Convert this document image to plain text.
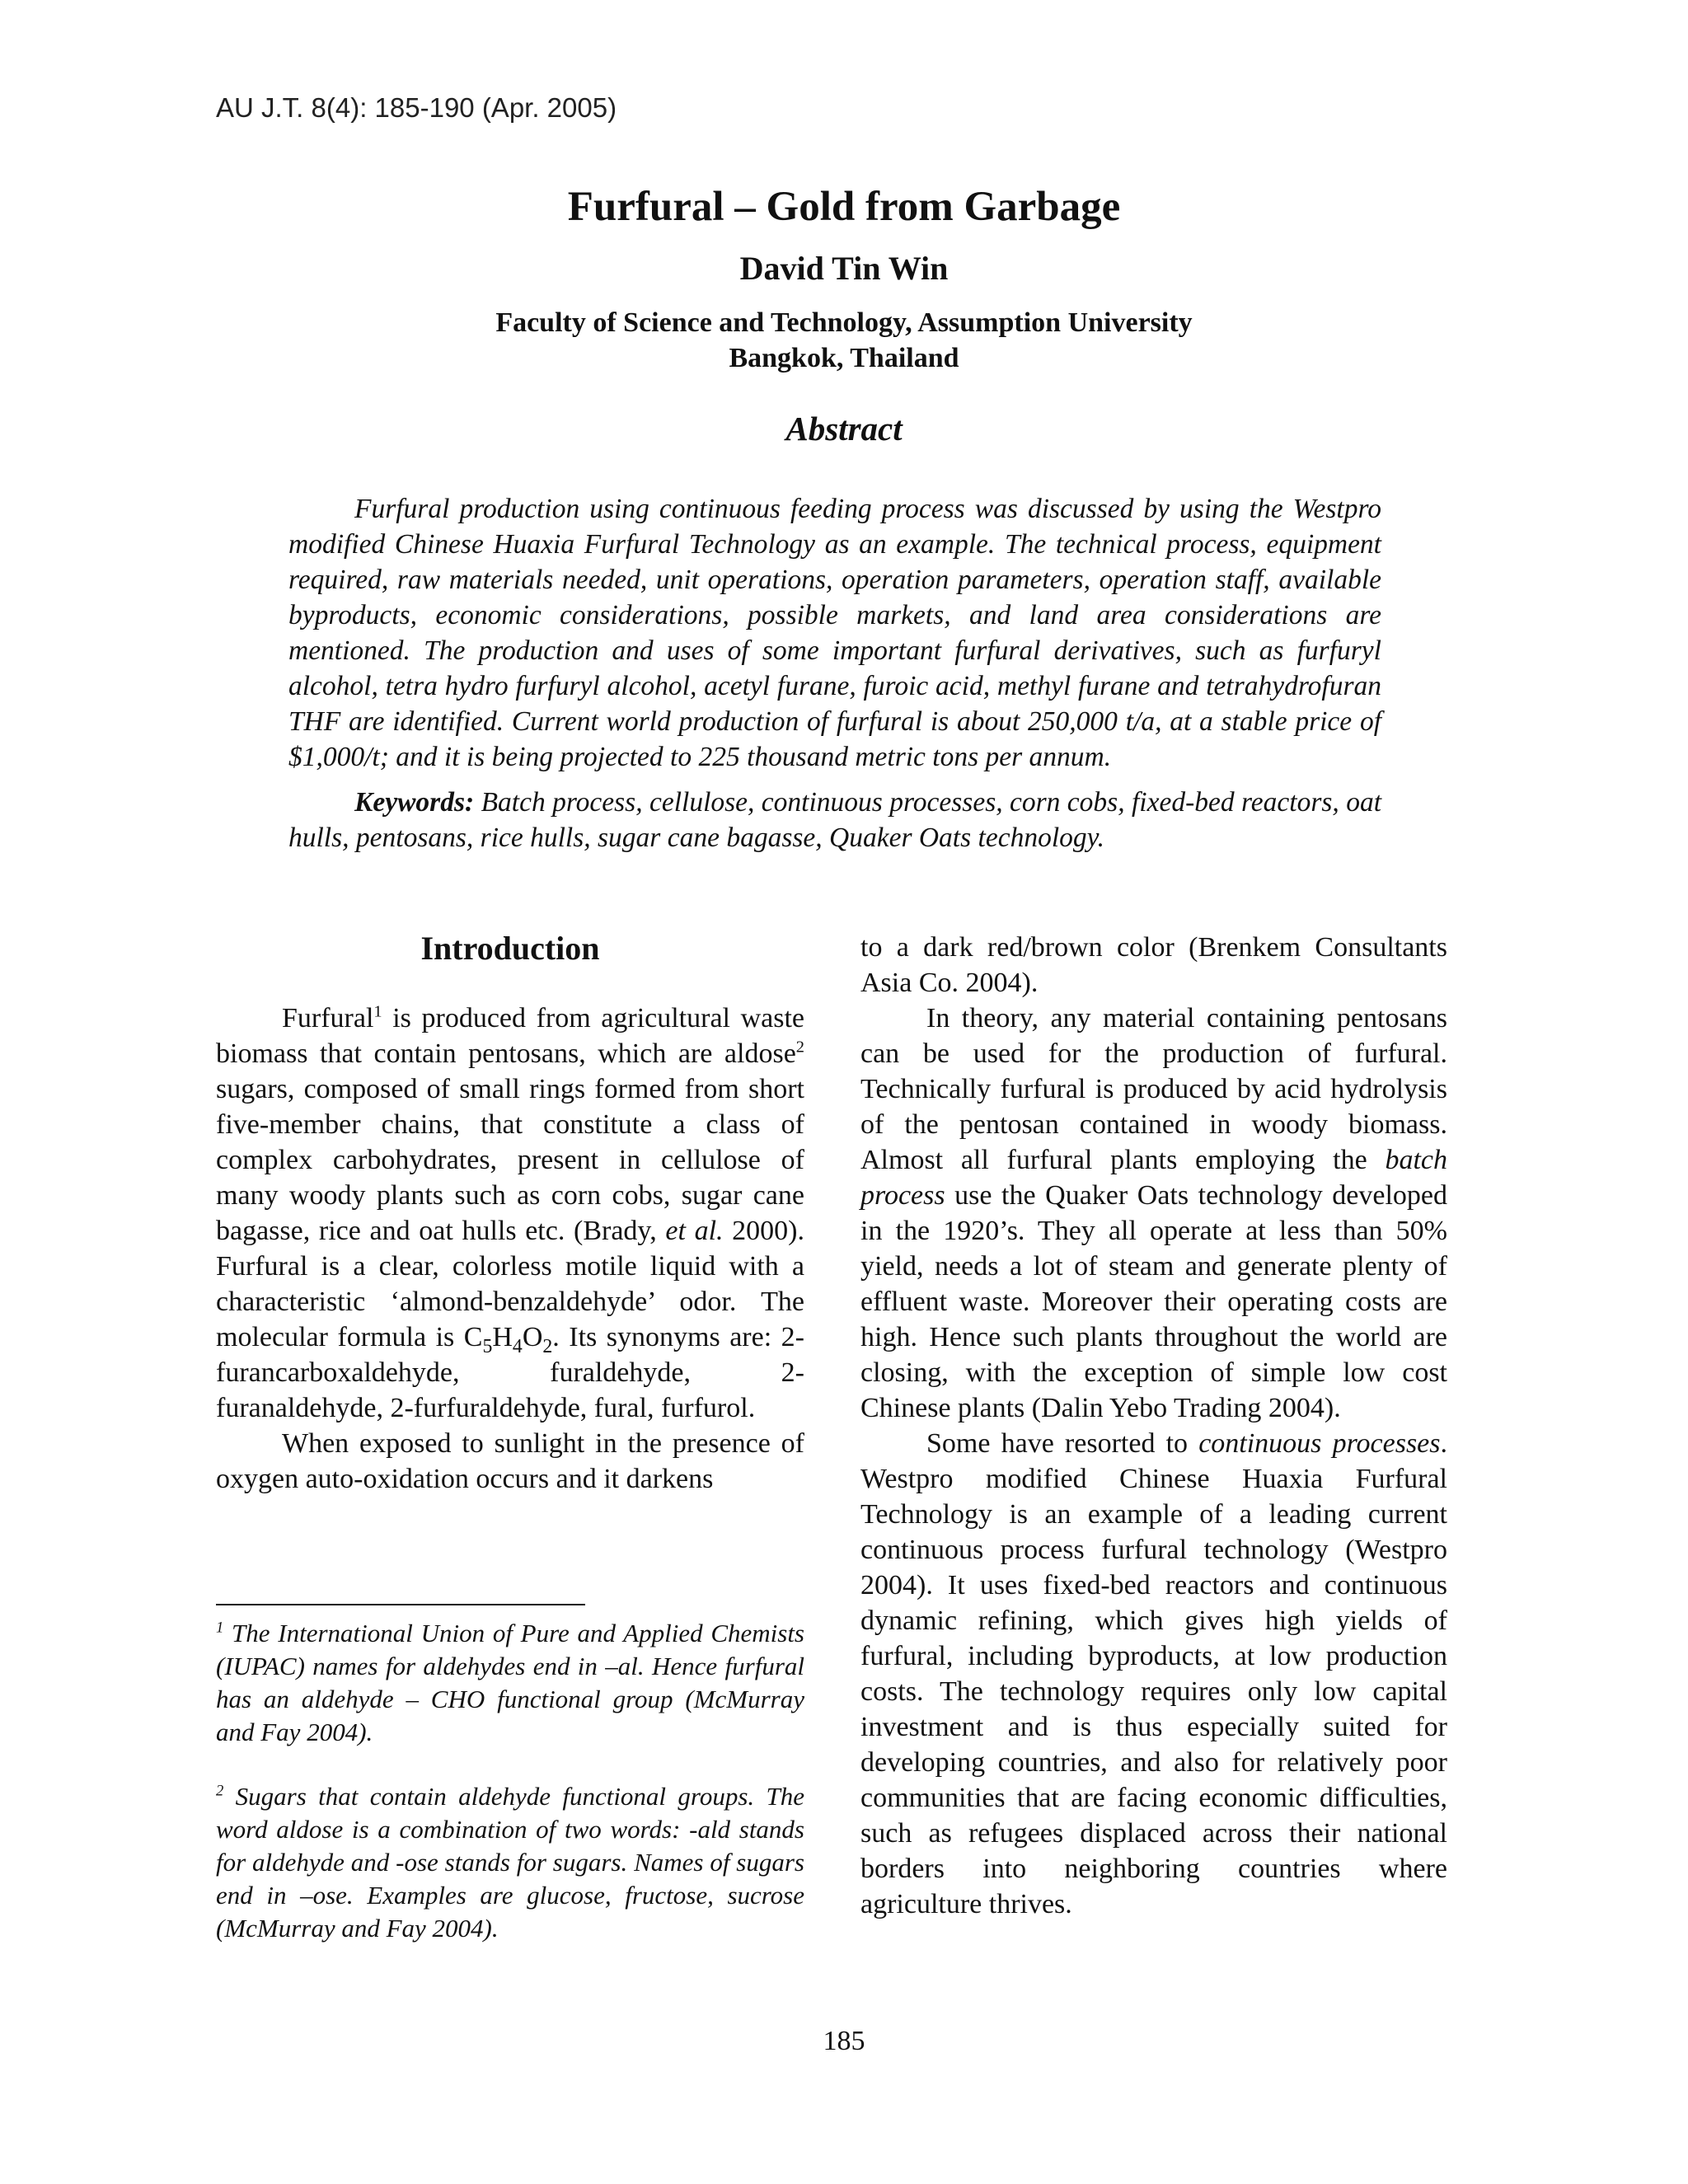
AU J.T. 8(4): 185-190 (Apr. 2005)
Furfural – Gold from Garbage
David Tin Win
Faculty of Science and Technology, Assumption University
Bangkok, Thailand
Abstract

Furfural production using continuous feeding process was discussed by using the Westpro modified Chinese Huaxia Furfural Technology as an example. The technical process, equipment required, raw materials needed, unit operations, operation parameters, operation staff, available byproducts, economic considerations, possible markets, and land area considerations are mentioned. The production and uses of some important furfural derivatives, such as furfuryl alcohol, tetra hydro furfuryl alcohol, acetyl furane, furoic acid, methyl furane and tetrahydrofuran THF are identified. Current world production of furfural is about 250,000 t/a, at a stable price of $1,000/t; and it is being projected to 225 thousand metric tons per annum.

Keywords: Batch process, cellulose, continuous processes, corn cobs, fixed-bed reactors, oat hulls, pentosans, rice hulls, sugar cane bagasse, Quaker Oats technology.

Introduction

Furfural$^1$ is produced from agricultural waste biomass that contain pentosans, which are aldose$^2$ sugars, composed of small rings formed from short five-member chains, that constitute a class of complex carbohydrates, present in cellulose of many woody plants such as corn cobs, sugar cane bagasse, rice and oat hulls etc. (Brady, et al. 2000). Furfural is a clear, colorless motile liquid with a characteristic ‘almond-benzaldehyde’ odor. The molecular formula is $C_5H_4O_2$. Its synonyms are: 2-furancarboxaldehyde, furaldehyde, 2-furanaldehyde, 2-furfuraldehyde, fural, furfurol.

When exposed to sunlight in the presence of oxygen auto-oxidation occurs and it darkens

$^1$ The International Union of Pure and Applied Chemists (IUPAC) names for aldehydes end in –al. Hence furfural has an aldehyde – CHO functional group (McMurray and Fay 2004).

$^2$ Sugars that contain aldehyde functional groups. The word aldose is a combination of two words: -ald stands for aldehyde and -ose stands for sugars. Names of sugars end in –ose. Examples are glucose, fructose, sucrose (McMurray and Fay 2004).

to a dark red/brown color (Brenkem Consultants Asia Co. 2004).

In theory, any material containing pentosans can be used for the production of furfural. Technically furfural is produced by acid hydrolysis of the pentosan contained in woody biomass. Almost all furfural plants employing the batch process use the Quaker Oats technology developed in the 1920’s. They all operate at less than 50% yield, needs a lot of steam and generate plenty of effluent waste. Moreover their operating costs are high. Hence such plants throughout the world are closing, with the exception of simple low cost Chinese plants (Dalin Yebo Trading 2004).

Some have resorted to continuous processes. Westpro modified Chinese Huaxia Furfural Technology is an example of a leading current continuous process furfural technology (Westpro 2004). It uses fixed-bed reactors and continuous dynamic refining, which gives high yields of furfural, including byproducts, at low production costs. The technology requires only low capital investment and is thus especially suited for developing countries, and also for relatively poor communities that are facing economic difficulties, such as refugees displaced across their national borders into neighboring countries where agriculture thrives.

185
